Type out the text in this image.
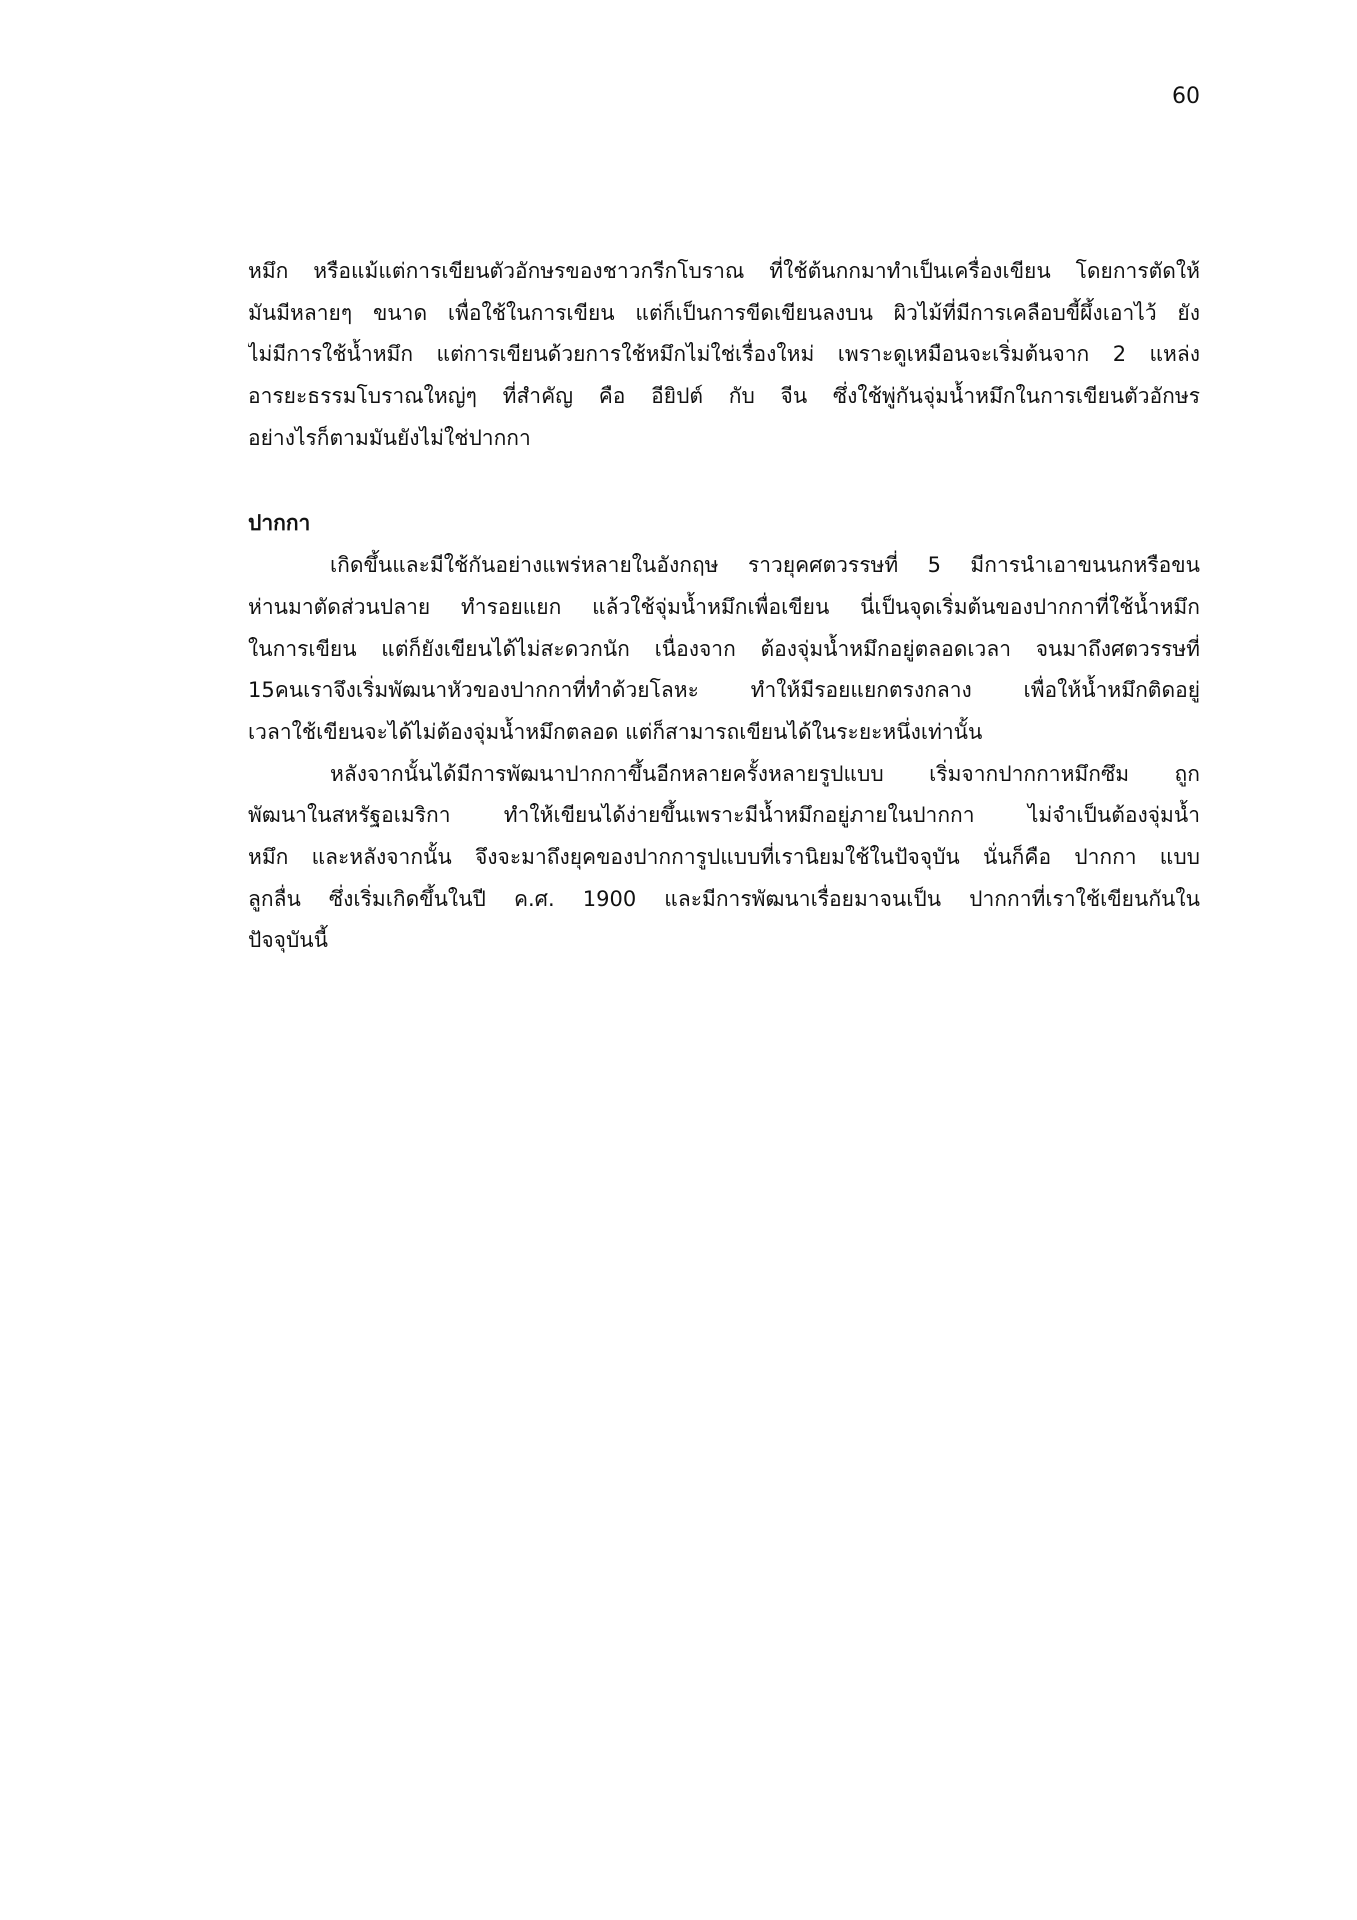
60
หมึก หรือแม้แต่การเขียนตัวอักษรของชาวกรีกโบราณ ที่ใช้ต้นกกมาทำเป็นเครื่องเขียน โดยการตัดให้
มันมีหลายๆ ขนาด เพื่อใช้ในการเขียน แต่ก็เป็นการขีดเขียนลงบน ผิวไม้ที่มีการเคลือบขี้ผึ้งเอาไว้ ยัง
ไม่มีการใช้น้ำหมึก แต่การเขียนด้วยการใช้หมึกไม่ใช่เรื่องใหม่ เพราะดูเหมือนจะเริ่มต้นจาก 2 แหล่ง
อารยะธรรมโบราณใหญ่ๆ ที่สำคัญ คือ อียิปต์ กับ จีน ซึ่งใช้พู่กันจุ่มน้ำหมึกในการเขียนตัวอักษร
อย่างไรก็ตามมันยังไม่ใช่ปากกา
ปากกา
เกิดขึ้นและมีใช้กันอย่างแพร่หลายในอังกฤษ ราวยุคศตวรรษที่ 5 มีการนำเอาขนนกหรือขน
ห่านมาตัดส่วนปลาย ทำรอยแยก แล้วใช้จุ่มน้ำหมึกเพื่อเขียน นี่เป็นจุดเริ่มต้นของปากกาที่ใช้น้ำหมึก
ในการเขียน แต่ก็ยังเขียนได้ไม่สะดวกนัก เนื่องจาก ต้องจุ่มน้ำหมึกอยู่ตลอดเวลา จนมาถึงศตวรรษที่
15คนเราจึงเริ่มพัฒนาหัวของปากกาที่ทำด้วยโลหะ ทำให้มีรอยแยกตรงกลาง เพื่อให้น้ำหมึกติดอยู่
เวลาใช้เขียนจะได้ไม่ต้องจุ่มน้ำหมึกตลอด แต่ก็สามารถเขียนได้ในระยะหนึ่งเท่านั้น
หลังจากนั้นได้มีการพัฒนาปากกาขึ้นอีกหลายครั้งหลายรูปแบบ เริ่มจากปากกาหมึกซึม ถูก
พัฒนาในสหรัฐอเมริกา ทำให้เขียนได้ง่ายขึ้นเพราะมีน้ำหมึกอยู่ภายในปากกา ไม่จำเป็นต้องจุ่มน้ำ
หมึก และหลังจากนั้น จึงจะมาถึงยุคของปากการูปแบบที่เรานิยมใช้ในปัจจุบัน นั่นก็คือ ปากกา แบบ
ลูกลื่น ซึ่งเริ่มเกิดขึ้นในปี ค.ศ. 1900 และมีการพัฒนาเรื่อยมาจนเป็น ปากกาที่เราใช้เขียนกันใน
ปัจจุบันนี้
